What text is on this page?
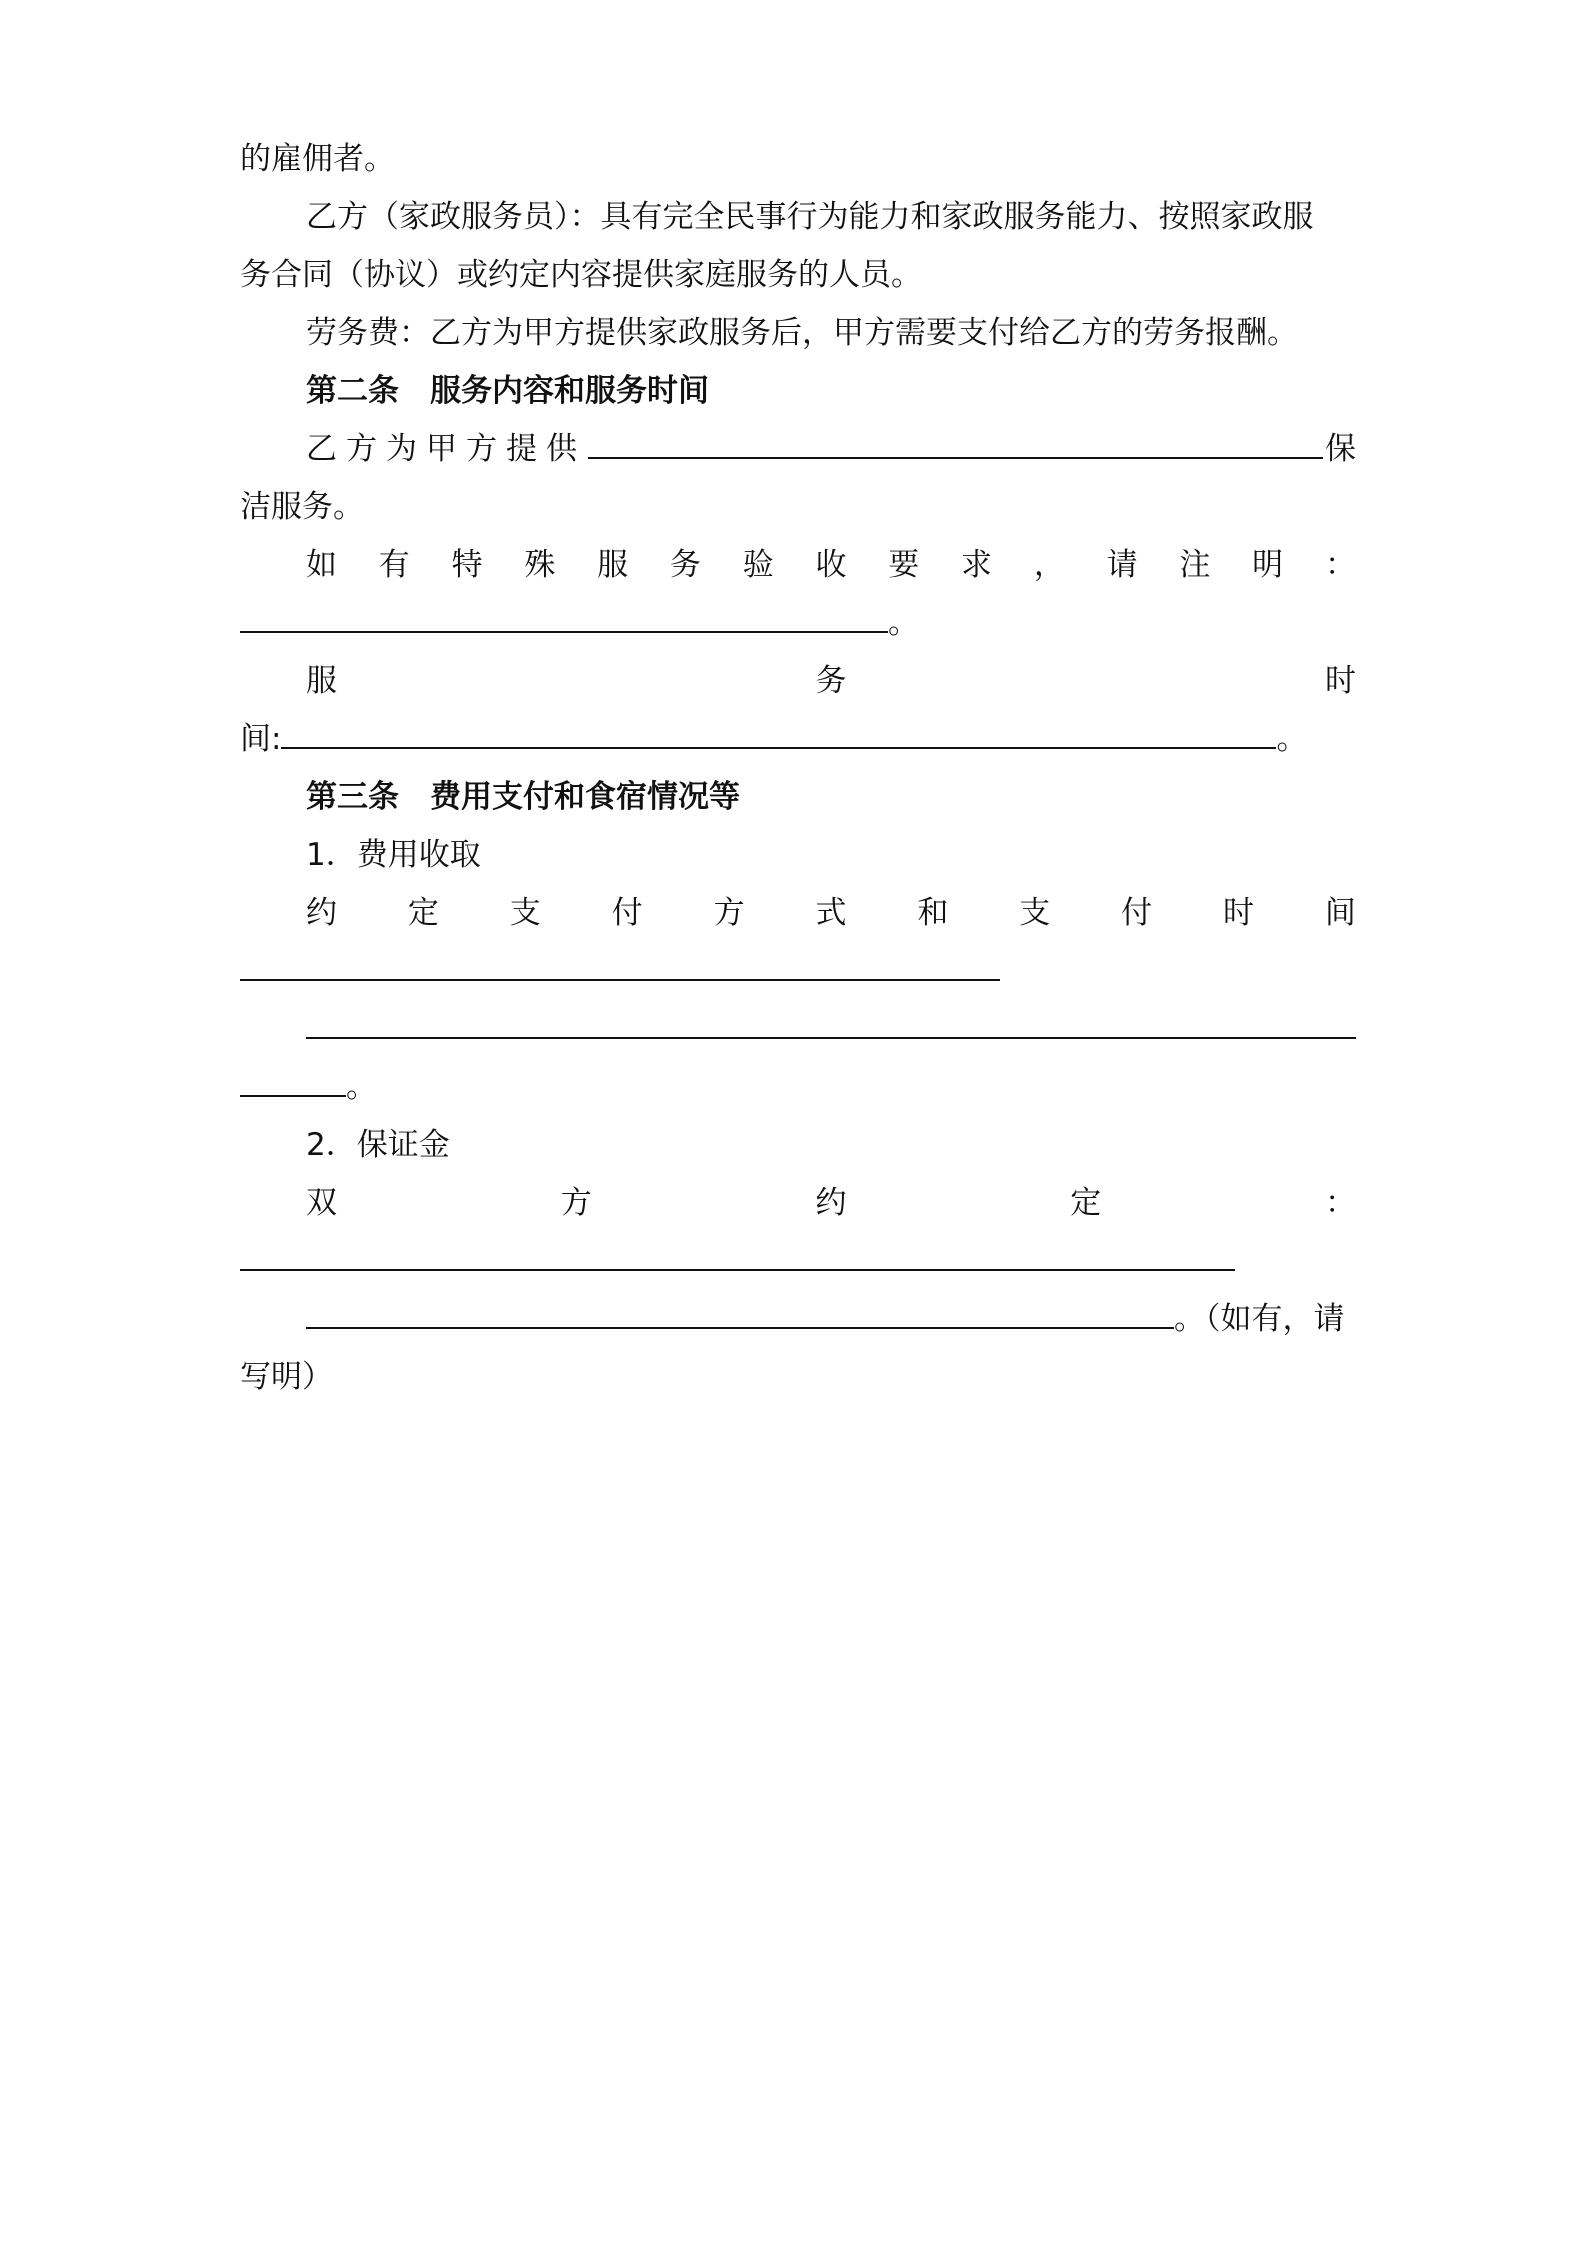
的雇佣者。
乙方（家政服务员）：具有完全民事行为能力和家政服务能力、按照家政服
务合同（协议）或约定内容提供家庭服务的人员。
劳务费：乙方为甲方提供家政服务后，甲方需要支付给乙方的劳务报酬。
第二条　服务内容和服务时间
乙方为甲方提供	保
洁服务。
如 有 特 殊 服 务 验 收 要 求 ， 请 注 明 ：
。
服	务	时
间:	。
第三条　费用支付和食宿情况等
1．费用收取
约 定 支 付 方 式 和 支 付 时 间
。
2．保证金
双	方	约	定	：
。（如有，请
写明）
